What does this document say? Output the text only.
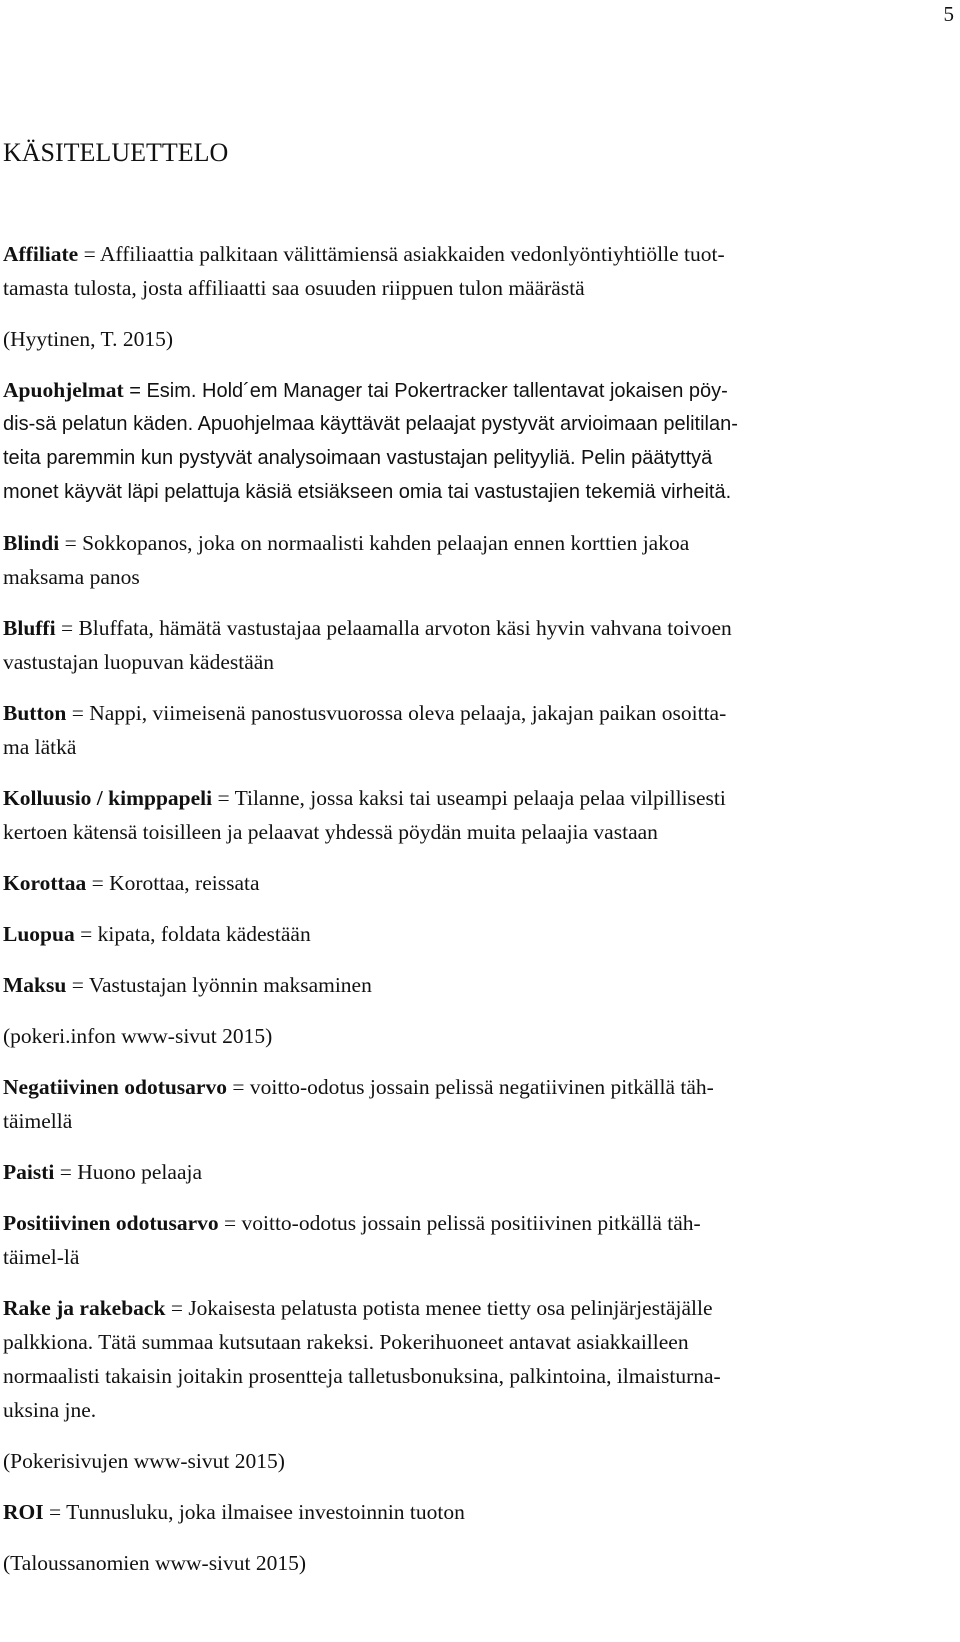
5
KÄSITELUETTELO

Affiliate = Affiliaattia palkitaan välittämiensä asiakkaiden vedonlyöntiyhtiölle tuot-

tamasta tulosta, josta affiliaatti saa osuuden riippuen tulon määrästä

(Hyytinen, T. 2015)

Apuohjelmat = Esim. Hold´em Manager tai Pokertracker tallentavat jokaisen pöy-

dis-sä pelatun käden. Apuohjelmaa käyttävät pelaajat pystyvät arvioimaan pelitilan-

teita paremmin kun pystyvät analysoimaan vastustajan pelityyliä. Pelin päätyttyä

monet käyvät läpi pelattuja käsiä etsiäkseen omia tai vastustajien tekemiä virheitä.

Blindi = Sokkopanos, joka on normaalisti kahden pelaajan ennen korttien jakoa

maksama panos

Bluffi = Bluffata, hämätä vastustajaa pelaamalla arvoton käsi hyvin vahvana toivoen

vastustajan luopuvan kädestään

Button = Nappi, viimeisenä panostusvuorossa oleva pelaaja, jakajan paikan osoitta-

ma lätkä

Kolluusio / kimppapeli = Tilanne, jossa kaksi tai useampi pelaaja pelaa vilpillisesti

kertoen kätensä toisilleen ja pelaavat yhdessä pöydän muita pelaajia vastaan

Korottaa = Korottaa, reissata

Luopua = kipata, foldata kädestään

Maksu = Vastustajan lyönnin maksaminen

(pokeri.infon www-sivut 2015)

Negatiivinen odotusarvo = voitto-odotus jossain pelissä negatiivinen pitkällä täh-

täimellä

Paisti = Huono pelaaja

Positiivinen odotusarvo = voitto-odotus jossain pelissä positiivinen pitkällä täh-

täimel-lä

Rake ja rakeback = Jokaisesta pelatusta potista menee tietty osa pelinjärjestäjälle

palkkiona. Tätä summaa kutsutaan rakeksi. Pokerihuoneet antavat asiakkailleen

normaalisti takaisin joitakin prosentteja talletusbonuksina, palkintoina, ilmaisturna-

uksina jne.

(Pokerisivujen www-sivut 2015)

ROI = Tunnusluku, joka ilmaisee investoinnin tuoton

(Taloussanomien www-sivut 2015)
